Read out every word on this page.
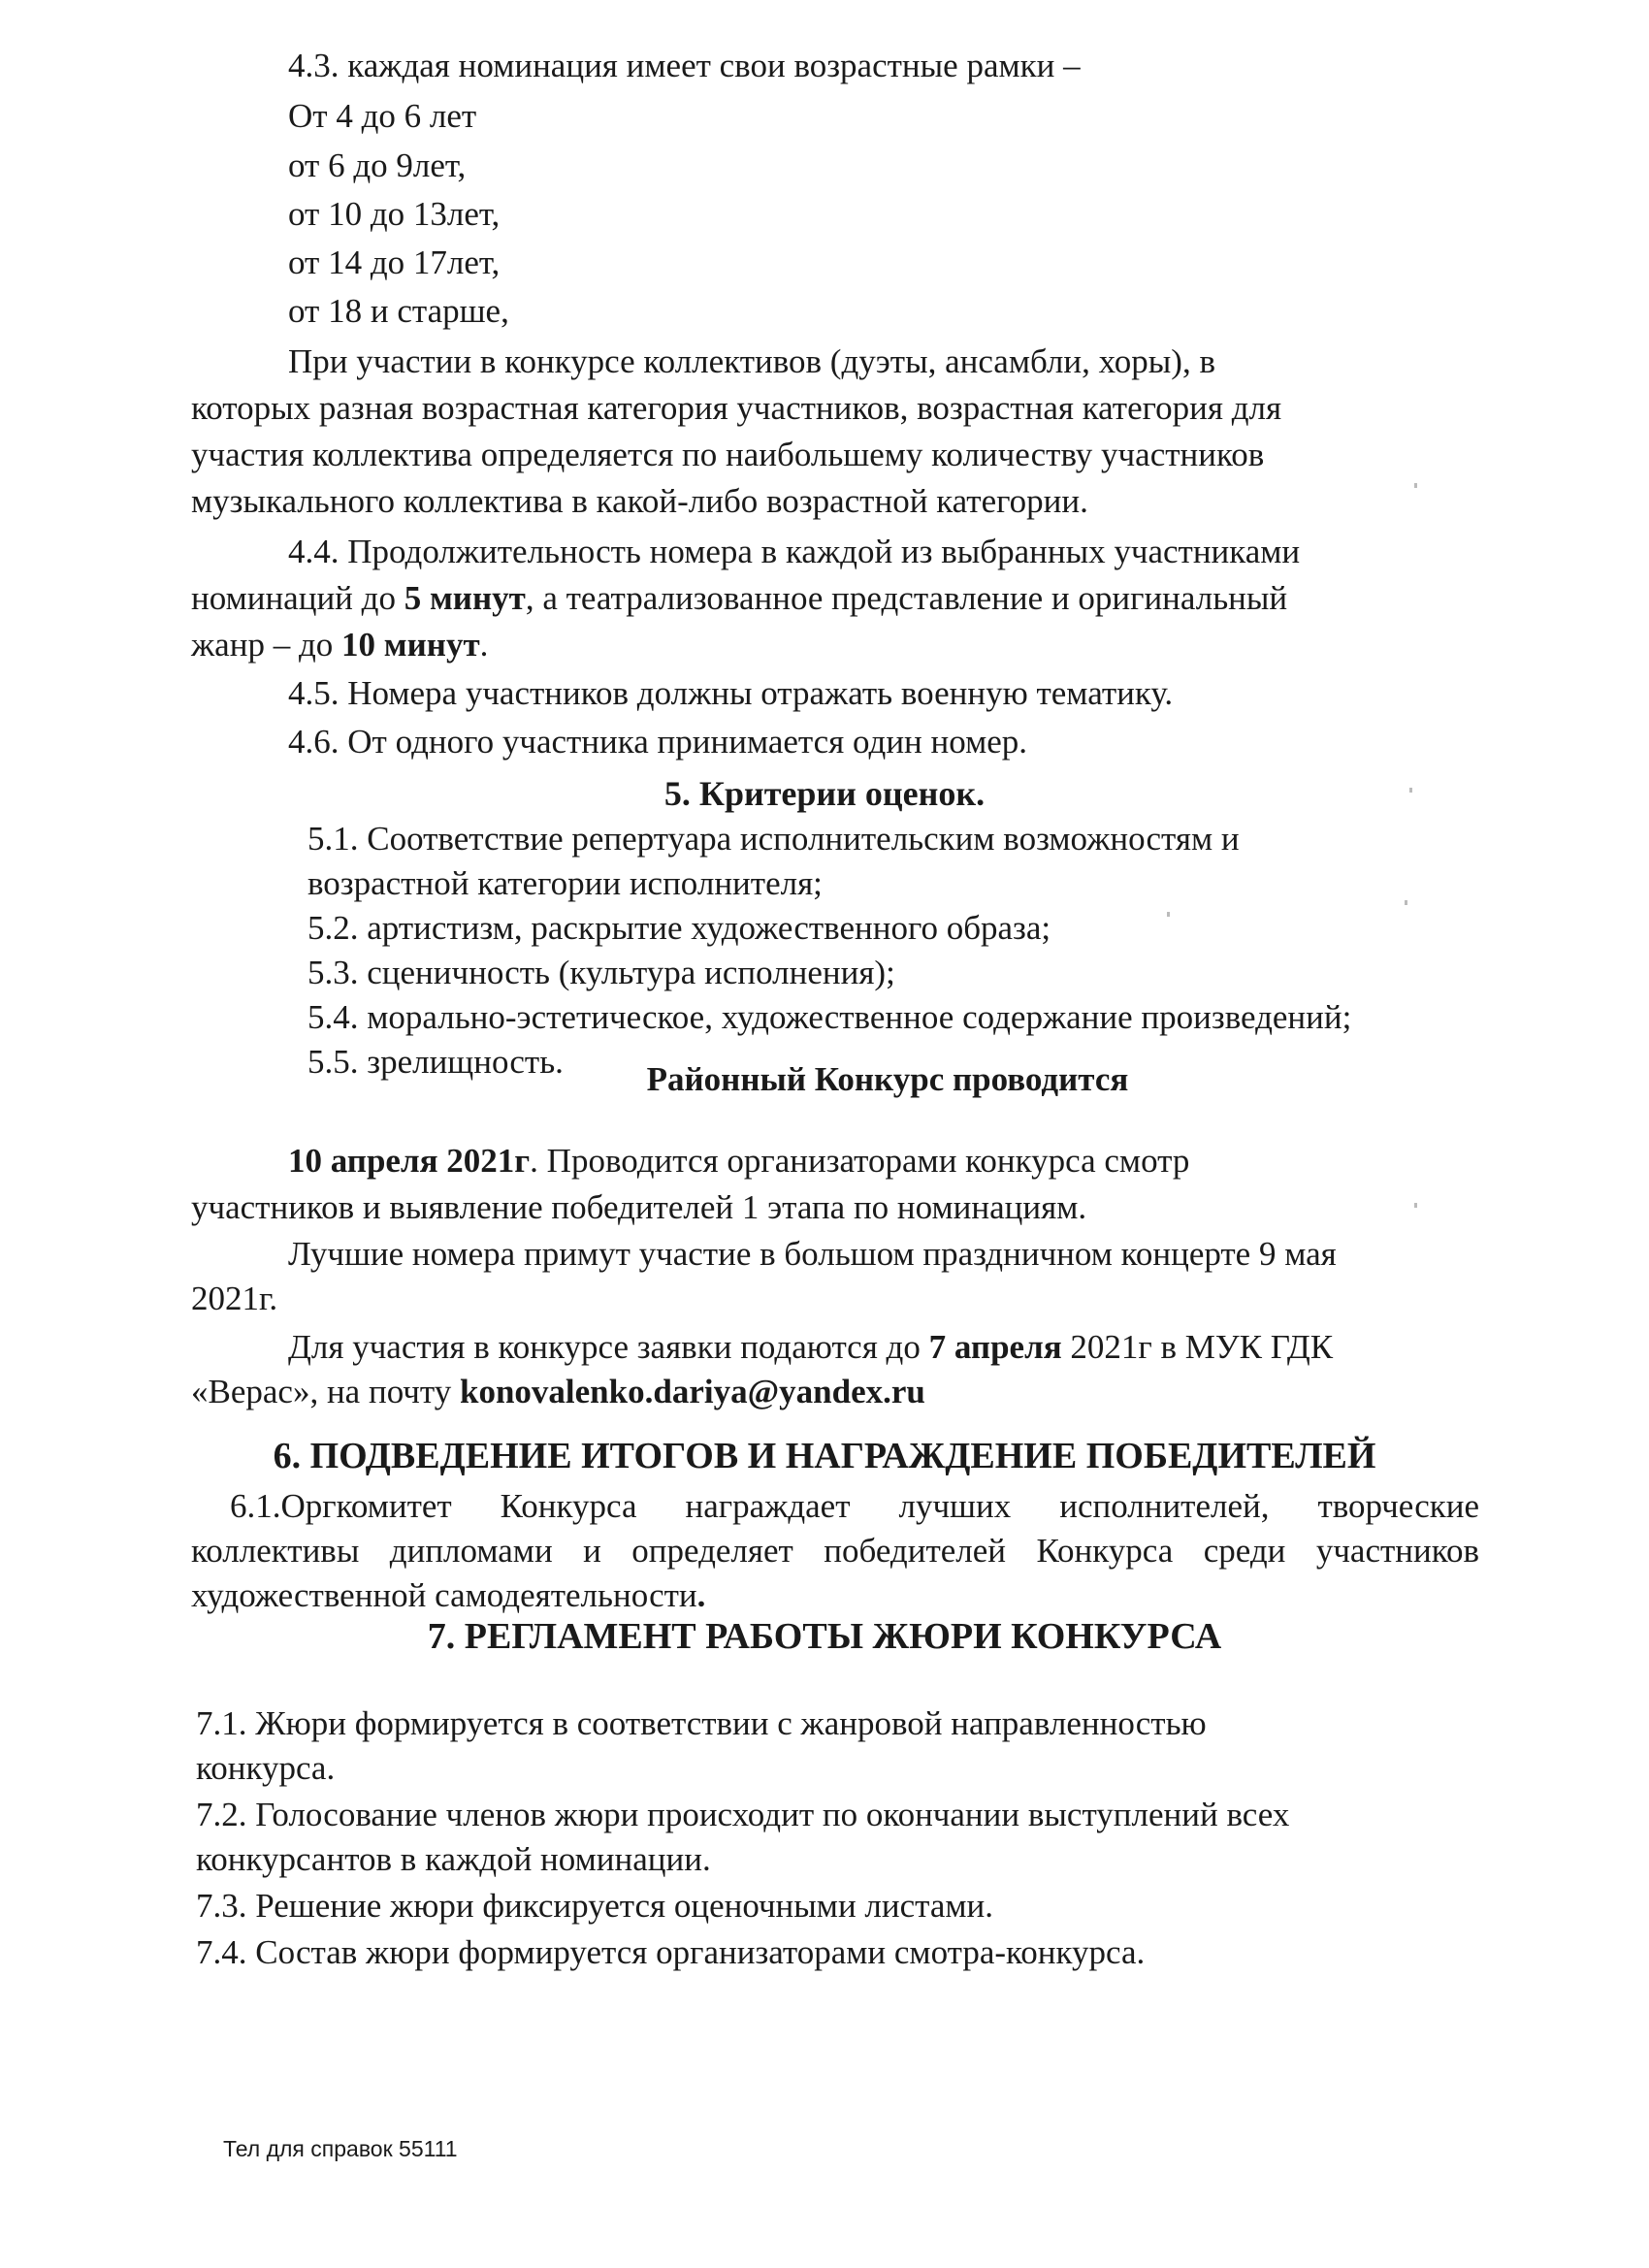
4.3. каждая номинация имеет свои возрастные рамки –

От 4 до 6 лет

от 6 до 9лет,

от 10 до 13лет,

от 14 до 17лет,

от 18 и старше,

При участии в конкурсе коллективов (дуэты, ансамбли, хоры), в

которых разная возрастная категория участников, возрастная категория для

участия коллектива определяется по наибольшему количеству участников

музыкального коллектива в какой-либо возрастной категории.

4.4. Продолжительность номера в каждой из выбранных участниками

номинаций до 5 минут, а театрализованное представление и оригинальный

жанр – до 10 минут.

4.5. Номера участников должны отражать военную тематику.

4.6. От одного участника принимается один номер.

5. Критерии оценок.

5.1. Соответствие репертуара исполнительским возможностям и

возрастной категории исполнителя;

5.2. артистизм, раскрытие художественного образа;

5.3. сценичность (культура исполнения);

5.4. морально-эстетическое, художественное содержание произведений;

5.5. зрелищность.	Районный Конкурс проводится

10 апреля 2021г. Проводится организаторами конкурса смотр

участников и выявление победителей 1 этапа по номинациям.

Лучшие номера примут участие в большом праздничном концерте 9 мая

2021г.

Для участия в конкурсе заявки подаются до 7 апреля 2021г в МУК ГДК

«Верас», на почту konovalenko.dariya@yandex.ru

6. ПОДВЕДЕНИЕ ИТОГОВ И НАГРАЖДЕНИЕ ПОБЕДИТЕЛЕЙ

6.1.Оргкомитет Конкурса награждает лучших исполнителей, творческие

коллективы дипломами и определяет победителей Конкурса среди участников

художественной самодеятельности.

7. РЕГЛАМЕНТ РАБОТЫ ЖЮРИ КОНКУРСА

7.1. Жюри формируется в соответствии с жанровой направленностью

конкурса.

7.2. Голосование членов жюри происходит по окончании выступлений всех

конкурсантов в каждой номинации.

7.3. Решение жюри фиксируется оценочными листами.

7.4. Состав жюри формируется организаторами смотра-конкурса.

Тел для справок 55111
